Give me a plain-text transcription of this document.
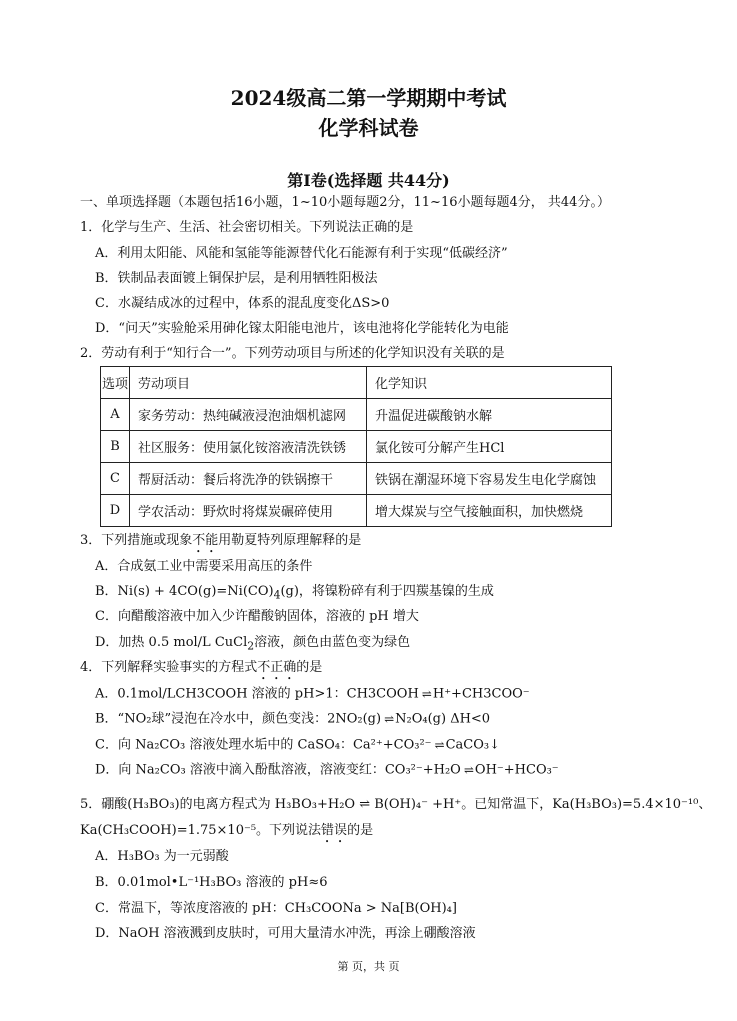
2024级高二第一学期期中考试
化学科试卷
第Ⅰ卷(选择题 共44分)
一、单项选择题（本题包括16小题，1~10小题每题2分，11~16小题每题4分， 共44分。）
1．化学与生产、生活、社会密切相关。下列说法正确的是
A．利用太阳能、风能和氢能等能源替代化石能源有利于实现“低碳经济”
B．铁制品表面镀上铜保护层，是利用牺牲阳极法
C．水凝结成冰的过程中，体系的混乱度变化ΔS>0
D．“问天”实验舱采用砷化镓太阳能电池片，该电池将化学能转化为电能
2．劳动有利于“知行合一”。下列劳动项目与所述的化学知识没有关联的是
选项	劳动项目	化学知识
A	家务劳动：热纯碱液浸泡油烟机滤网	升温促进碳酸钠水解
B	社区服务：使用氯化铵溶液清洗铁锈	氯化铵可分解产生HCl
C	帮厨活动：餐后将洗净的铁锅擦干	铁锅在潮湿环境下容易发生电化学腐蚀
D	学农活动：野炊时将煤炭碾碎使用	增大煤炭与空气接触面积，加快燃烧
3．下列措施或现象不能用勒夏特列原理解释的是
A．合成氨工业中需要采用高压的条件
B．$Ni(s) + 4CO(g)=Ni(CO)_4(g)$，将镍粉碎有利于四羰基镍的生成
C．向醋酸溶液中加入少许醋酸钠固体，溶液的 pH 增大
D．加热 0.5 mol/L CuCl$_2$溶液，颜色由蓝色变为绿色
4．下列解释实验事实的方程式不正确的是
A．0.1mol/LCH3COOH 溶液的 pH>1：CH3COOH ⇌ H⁺+CH3COO⁻
B．“NO₂球”浸泡在冷水中，颜色变浅：2NO₂(g) ⇌ N₂O₄(g) ΔH<0
C．向 Na₂CO₃ 溶液处理水垢中的 CaSO₄：Ca²⁺+CO₃²⁻ ⇌ CaCO₃↓
D．向 Na₂CO₃ 溶液中滴入酚酞溶液，溶液变红：CO₃²⁻+H₂O ⇌ OH⁻+HCO₃⁻
5．硼酸(H₃BO₃)的电离方程式为 H₃BO₃+H₂O ⇌ B(OH)₄⁻ +H⁺。已知常温下，Ka(H₃BO₃)=5.4×10⁻¹⁰、
Ka(CH₃COOH)=1.75×10⁻⁵。下列说法错误的是
A．H₃BO₃ 为一元弱酸
B．0.01mol•L⁻¹H₃BO₃ 溶液的 pH≈6
C．常温下，等浓度溶液的 pH：CH₃COONa > Na[B(OH)₄]
D．NaOH 溶液溅到皮肤时，可用大量清水冲洗，再涂上硼酸溶液
第 页，共 页
